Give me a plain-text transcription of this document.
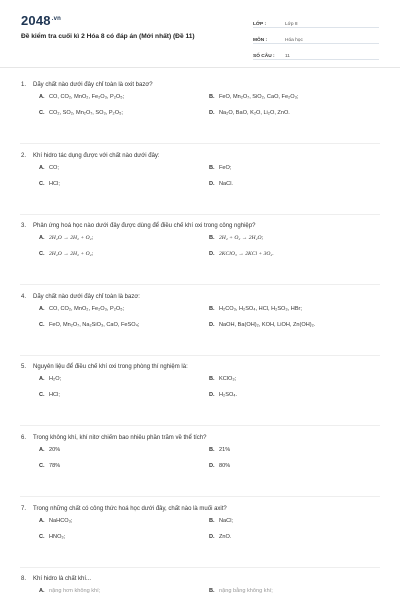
$2048^{.vn}$
Đề kiểm tra cuối kì 2 Hóa 8 có đáp án (Mới nhất) (Đề 11)
LỚP :	Lớp 8
MÔN :	Hóa học
SỐ CÂU :	11
1.	Dãy chất nào dưới đây chỉ toàn là oxit bazơ?
A. CO, CO₂, MnO₂, Fe₂O₃, P₂O₅;	B. FeO, Mn₂O₇, SiO₂, CaO, Fe₂O₃;
C. CO₂, SO₂, Mn₂O₇, SO₃, P₂O₅;	D. Na₂O, BaO, K₂O, Li₂O, ZnO.
2.	Khí hidro tác dụng được với chất nào dưới đây:
A. CO;	B. FeO;
C. HCl;	D. NaCl.
3.	Phản ứng hoá học nào dưới đây được dùng để điều chế khí oxi trong công nghiệp?
A. 2H₂O → 2H₂ + O₂;	B. 2H₂ + O₂ → 2H₂O;
C. 2H₂O → 2H₂ + O₂;	D. 2KClO₃ → 2KCl + 3O₂.
4.	Dãy chất nào dưới đây chỉ toàn là bazơ:
A. CO, CO₂, MnO₂, Fe₂O₃, P₂O₅;	B. H₂CO₃, H₂SO₄, HCl, H₂SO₃, HBr;
C. FeO, Mn₂O₇, Na₂SiO₃, CaO, FeSO₄;	D. NaOH, Ba(OH)₂, KOH, LiOH, Zn(OH)₂.
5.	Nguyên liệu để điều chế khí oxi trong phòng thí nghiệm là:
A. H₂O;	B. KClO₃;
C. HCl;	D. H₂SO₄.
6.	Trong không khí, khí nitơ chiếm bao nhiêu phần trăm về thể tích?
A. 20%	B. 21%
C. 78%	D. 80%
7.	Trong những chất có công thức hoá học dưới đây, chất nào là muối axit?
A. NaHCO₃;	B. NaCl;
C. HNO₃;	D. ZnO.
8.	Khí hidro là chất khí...
A. nặng hơn không khí;	B. nặng bằng không khí;
